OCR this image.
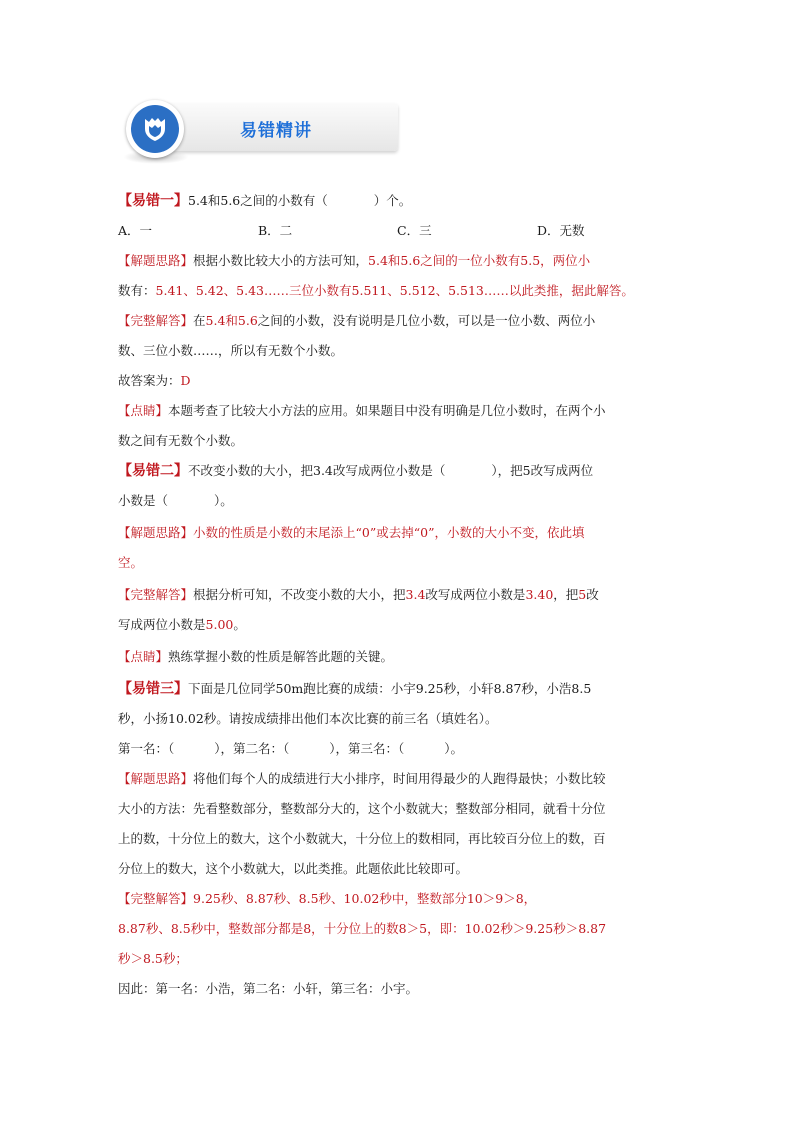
易错精讲

【易错一】5.4和5.6之间的小数有（	）个。

A．一	B．二	C．三	D．无数

【解题思路】根据小数比较大小的方法可知，5.4和5.6之间的一位小数有5.5，两位小
数有：5.41、5.42、5.43……三位小数有5.511、5.512、5.513……以此类推，据此解答。

【完整解答】在5.4和5.6之间的小数，没有说明是几位小数，可以是一位小数、两位小
数、三位小数……，所以有无数个小数。

故答案为：D

【点睛】本题考查了比较大小方法的应用。如果题目中没有明确是几位小数时，在两个小
数之间有无数个小数。

【易错二】不改变小数的大小，把3.4改写成两位小数是（	），把5改写成两位
小数是（	）。

【解题思路】小数的性质是小数的末尾添上“0”或去掉“0”，小数的大小不变，依此填
空。

【完整解答】根据分析可知，不改变小数的大小，把3.4改写成两位小数是3.40，把5改
写成两位小数是5.00。

【点睛】熟练掌握小数的性质是解答此题的关键。

【易错三】下面是几位同学50m跑比赛的成绩：小宇9.25秒，小轩8.87秒，小浩8.5
秒，小扬10.02秒。请按成绩排出他们本次比赛的前三名（填姓名）。

第一名：（	），第二名：（	），第三名：（	）。

【解题思路】将他们每个人的成绩进行大小排序，时间用得最少的人跑得最快；小数比较
大小的方法：先看整数部分，整数部分大的，这个小数就大；整数部分相同，就看十分位
上的数，十分位上的数大，这个小数就大，十分位上的数相同，再比较百分位上的数，百
分位上的数大，这个小数就大，以此类推。此题依此比较即可。

【完整解答】9.25秒、8.87秒、8.5秒、10.02秒中，整数部分10＞9＞8，
8.87秒、8.5秒中，整数部分都是8，十分位上的数8＞5，即：10.02秒＞9.25秒＞8.87
秒＞8.5秒；

因此：第一名：小浩，第二名：小轩，第三名：小宇。
